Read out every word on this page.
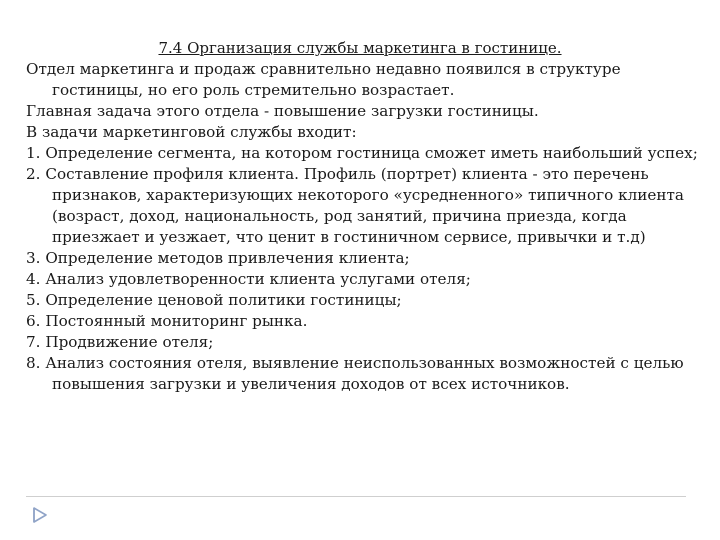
7.4 Организация службы маркетинга в гостинице.

Отдел маркетинга и продаж сравнительно недавно появился в структуре гостиницы, но его роль стремительно возрастает.

Главная задача этого отдела - повышение загрузки гостиницы.

В задачи маркетинговой службы входит:

1. Определение сегмента, на котором гостиница сможет иметь наибольший успех;

2. Составление профиля клиента. Профиль (портрет) клиента - это перечень признаков, характеризующих некоторого «усредненного» типичного клиента (возраст, доход, национальность, род занятий, причина приезда, когда приезжает и уезжает, что ценит в гостиничном сервисе, привычки и т.д)

3. Определение методов привлечения клиента;

4. Анализ удовлетворенности клиента услугами отеля;

5. Определение ценовой политики гостиницы;

6. Постоянный мониторинг рынка.

7. Продвижение отеля;

8. Анализ состояния отеля, выявление неиспользованных возможностей с целью повышения загрузки и увеличения доходов от всех источников.
